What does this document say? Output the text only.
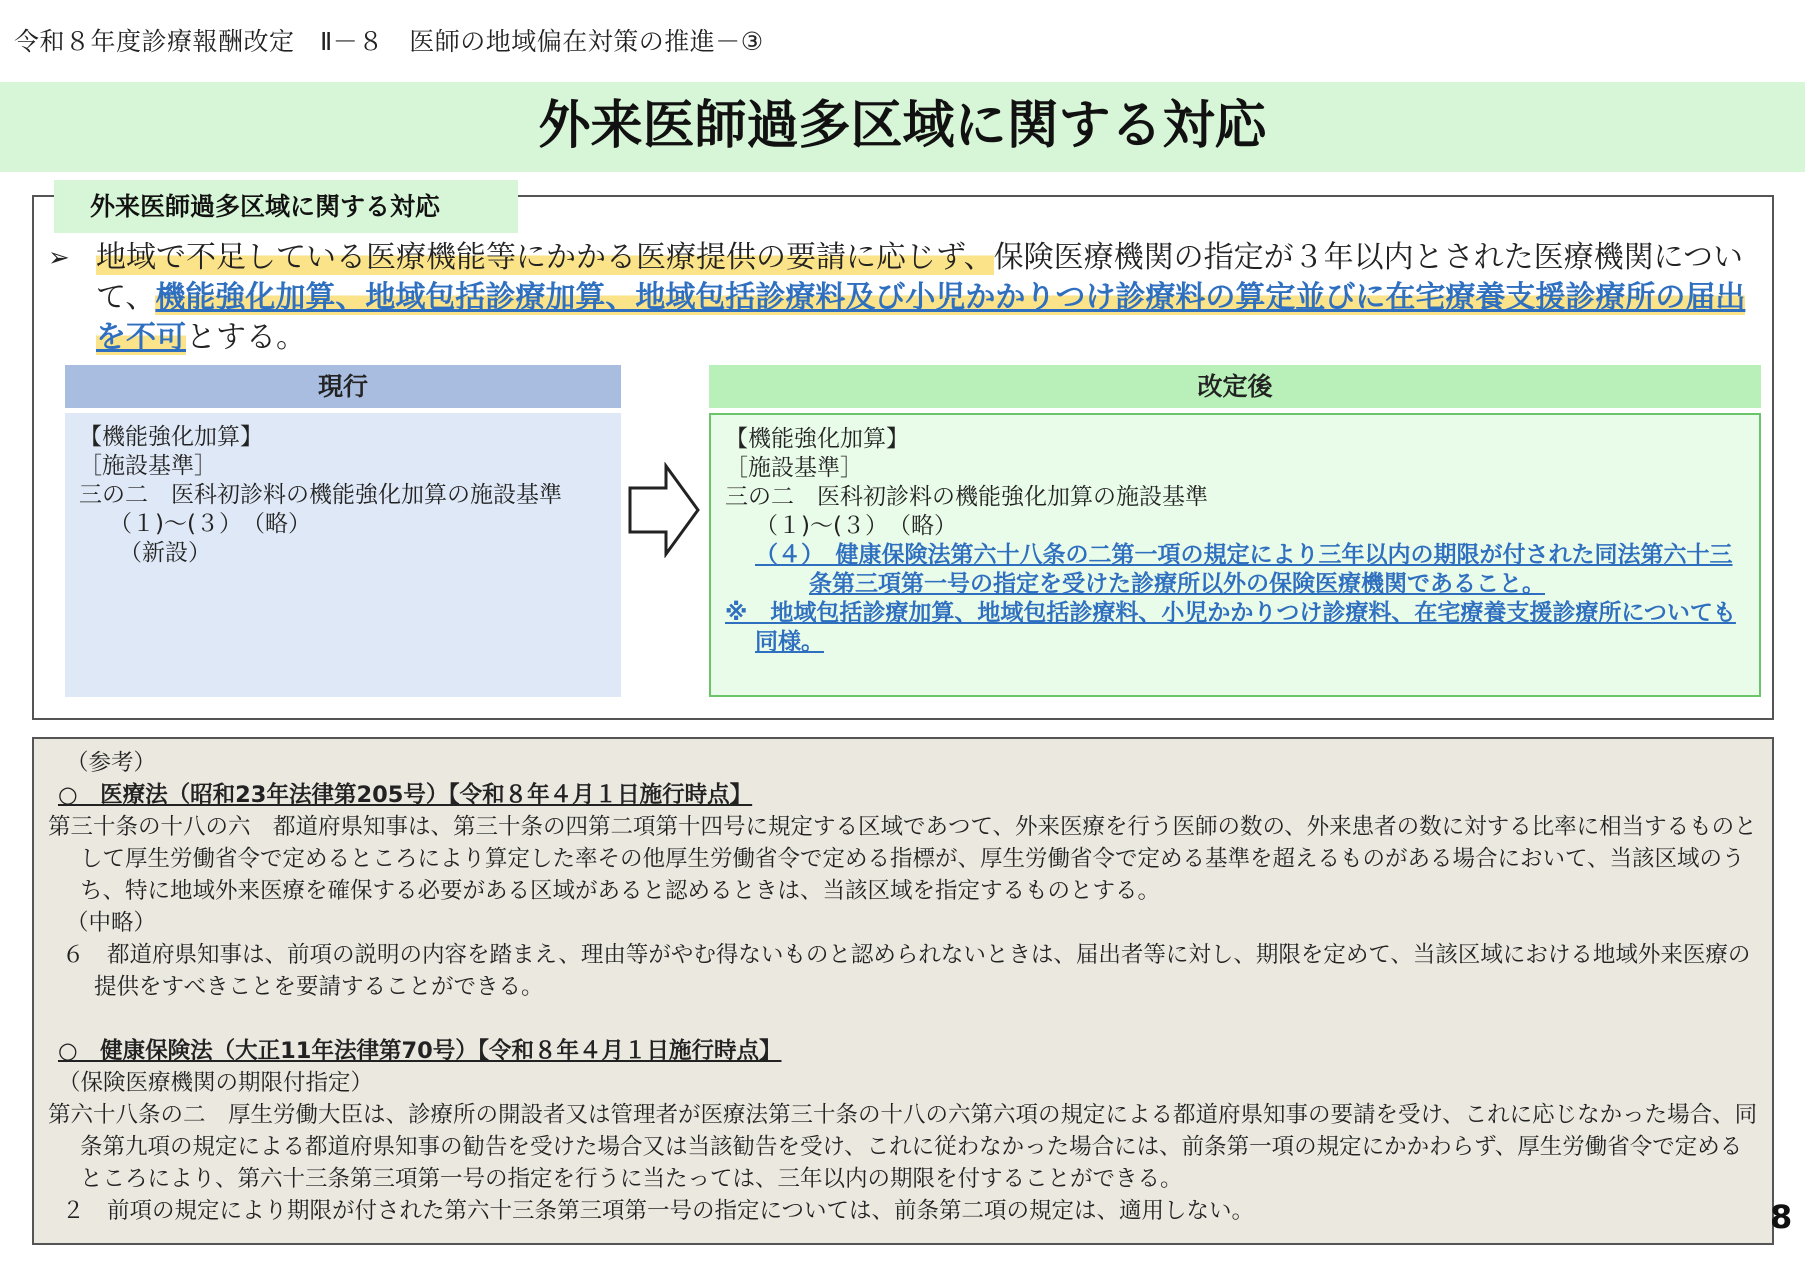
令和８年度診療報酬改定　Ⅱ－８　医師の地域偏在対策の推進－③
外来医師過多区域に関する対応
外来医師過多区域に関する対応
➢ 地域で不足している医療機能等にかかる医療提供の要請に応じず、保険医療機関の指定が３年以内とされた医療機関について、機能強化加算、地域包括診療加算、地域包括診療料及び小児かかりつけ診療料の算定並びに在宅療養支援診療所の届出を不可とする。
現行
【機能強化加算】
［施設基準］
三の二　医科初診料の機能強化加算の施設基準
（１)～(３）　（略）
（新設）
改定後
【機能強化加算】
［施設基準］
三の二　医科初診料の機能強化加算の施設基準
（１)～(３）　（略）
（４）　健康保険法第六十八条の二第一項の規定により三年以内の期限が付された同法第六十三条第三項第一号の指定を受けた診療所以外の保険医療機関であること。
※　地域包括診療加算、地域包括診療料、小児かかりつけ診療料、在宅療養支援診療所についても同様。
（参考）
○　医療法（昭和23年法律第205号）【令和８年４月１日施行時点】
第三十条の十八の六　都道府県知事は、第三十条の四第二項第十四号に規定する区域であつて、外来医療を行う医師の数の、外来患者の数に対する比率に相当するものとして厚生労働省令で定めるところにより算定した率その他厚生労働省令で定める指標が、厚生労働省令で定める基準を超えるものがある場合において、当該区域のうち、特に地域外来医療を確保する必要がある区域があると認めるときは、当該区域を指定するものとする。
（中略）
６　都道府県知事は、前項の説明の内容を踏まえ、理由等がやむ得ないものと認められないときは、届出者等に対し、期限を定めて、当該区域における地域外来医療の提供をすべきことを要請することができる。
○　健康保険法（大正11年法律第70号）【令和８年４月１日施行時点】
（保険医療機関の期限付指定）
第六十八条の二　厚生労働大臣は、診療所の開設者又は管理者が医療法第三十条の十八の六第六項の規定による都道府県知事の要請を受け、これに応じなかった場合、同条第九項の規定による都道府県知事の勧告を受けた場合又は当該勧告を受け、これに従わなかった場合には、前条第一項の規定にかかわらず、厚生労働省令で定めるところにより、第六十三条第三項第一号の指定を行うに当たっては、三年以内の期限を付することができる。
２　前項の規定により期限が付された第六十三条第三項第一号の指定については、前条第二項の規定は、適用しない。	8
